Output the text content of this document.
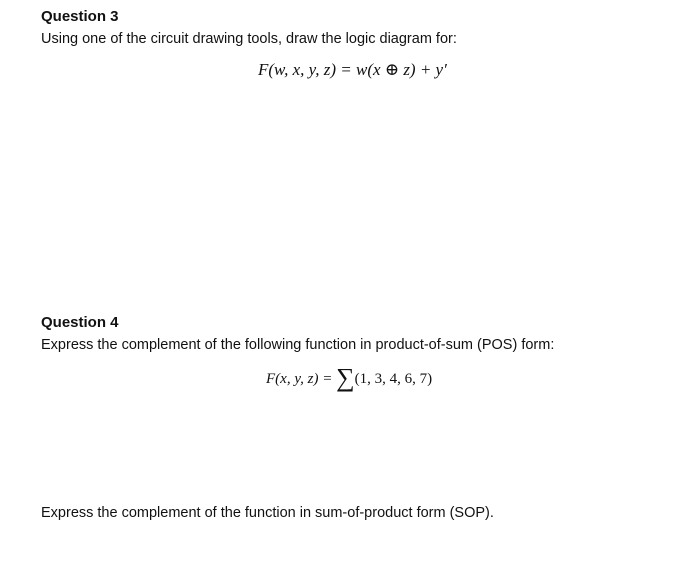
Question 3

Using one of the circuit drawing tools, draw the logic diagram for:

F(w, x, y, z) = w(x ⊕ z) + y′
Question 4

Express the complement of the following function in product-of-sum (POS) form:

F(x, y, z) = ∑(1, 3, 4, 6, 7)

Express the complement of the function in sum-of-product form (SOP).
